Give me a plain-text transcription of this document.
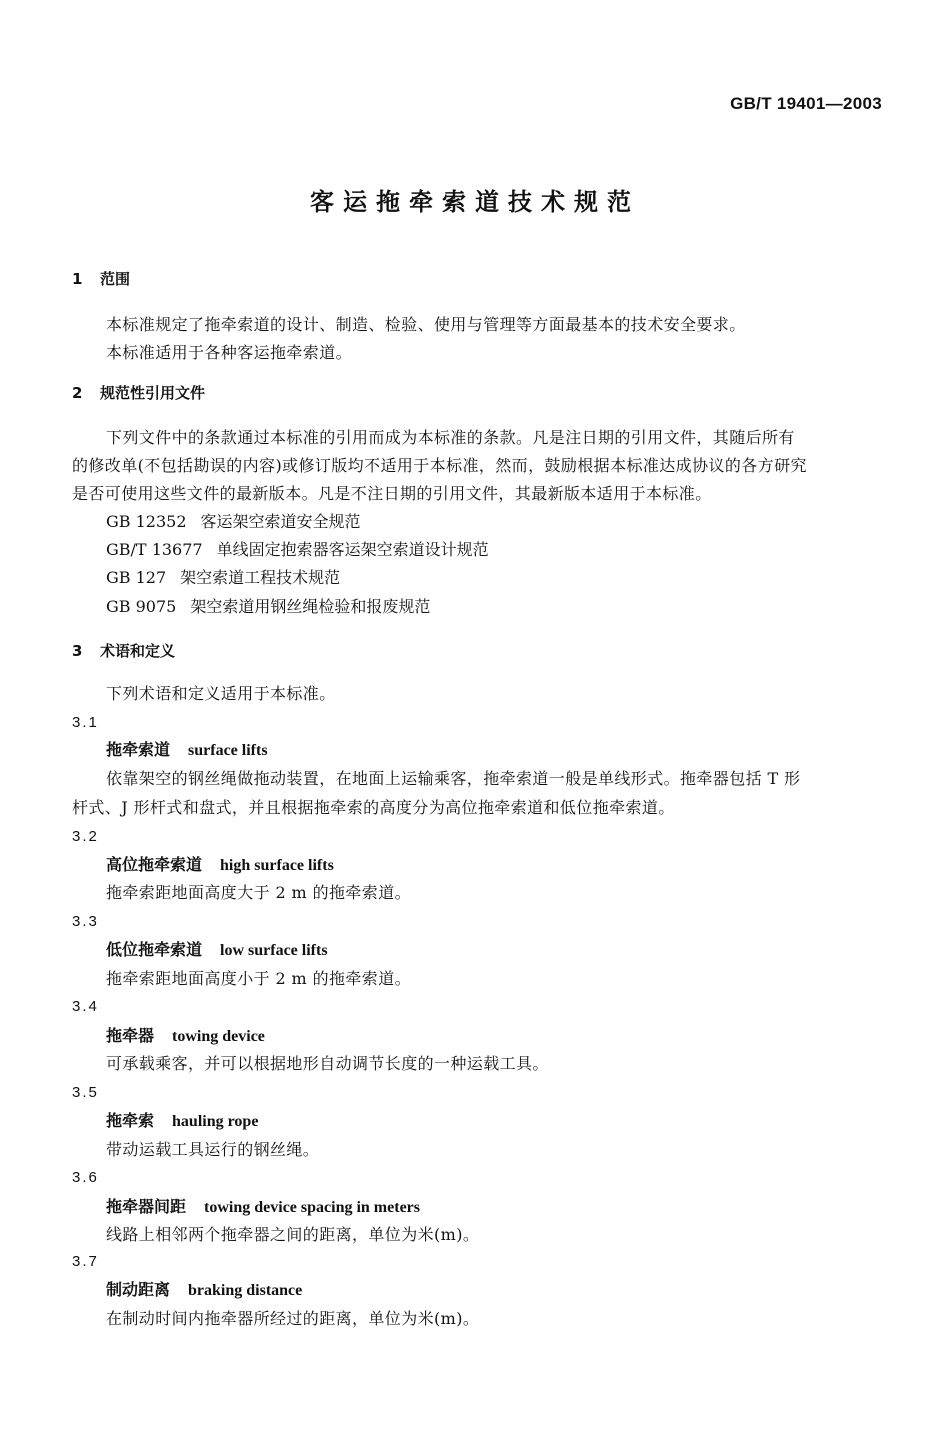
GB/T 19401—2003
客运拖牵索道技术规范
1 范围
本标准规定了拖牵索道的设计、制造、检验、使用与管理等方面最基本的技术安全要求。
本标准适用于各种客运拖牵索道。
2 规范性引用文件
下列文件中的条款通过本标准的引用而成为本标准的条款。凡是注日期的引用文件，其随后所有
的修改单(不包括勘误的内容)或修订版均不适用于本标准，然而，鼓励根据本标准达成协议的各方研究
是否可使用这些文件的最新版本。凡是不注日期的引用文件，其最新版本适用于本标准。
GB 12352 客运架空索道安全规范
GB/T 13677 单线固定抱索器客运架空索道设计规范
GB 127 架空索道工程技术规范
GB 9075 架空索道用钢丝绳检验和报废规范
3 术语和定义
下列术语和定义适用于本标准。
3.1
拖牵索道 surface lifts
依靠架空的钢丝绳做拖动装置，在地面上运输乘客，拖牵索道一般是单线形式。拖牵器包括 T 形
杆式、J 形杆式和盘式，并且根据拖牵索的高度分为高位拖牵索道和低位拖牵索道。
3.2
高位拖牵索道 high surface lifts
拖牵索距地面高度大于 2 m 的拖牵索道。
3.3
低位拖牵索道 low surface lifts
拖牵索距地面高度小于 2 m 的拖牵索道。
3.4
拖牵器 towing device
可承载乘客，并可以根据地形自动调节长度的一种运载工具。
3.5
拖牵索 hauling rope
带动运载工具运行的钢丝绳。
3.6
拖牵器间距 towing device spacing in meters
线路上相邻两个拖牵器之间的距离，单位为米(m)。
3.7
制动距离 braking distance
在制动时间内拖牵器所经过的距离，单位为米(m)。
